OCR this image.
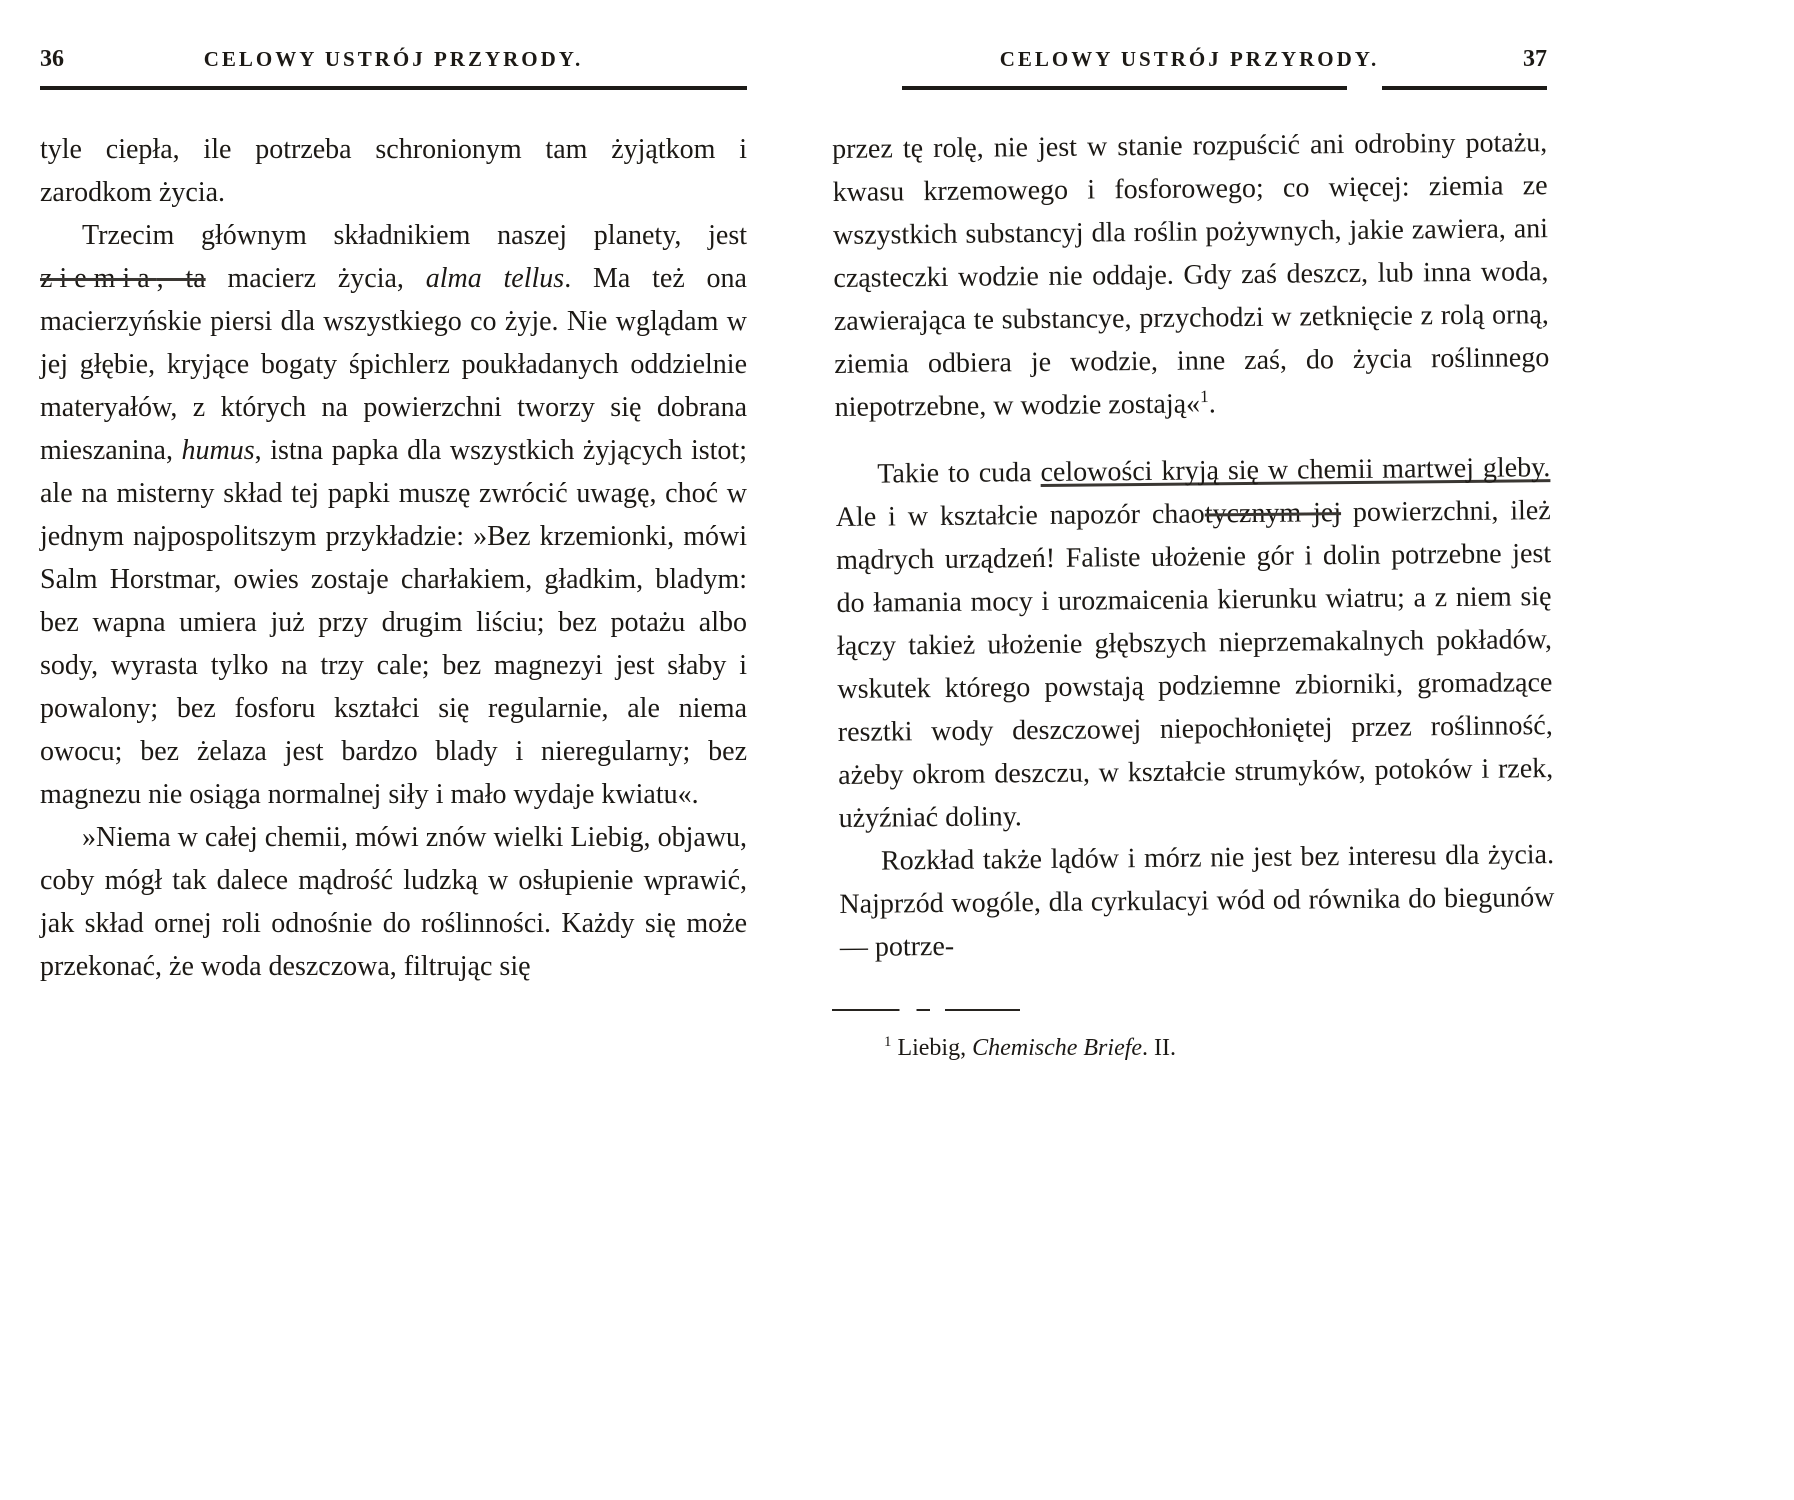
36	CELOWY USTRÓJ PRZYRODY.

tyle ciepła, ile potrzeba schronionym tam żyjątkom i zarodkom życia.

Trzecim głównym składnikiem naszej planety, jest ziemia, ta macierz życia, alma tellus. Ma też ona macierzyńskie piersi dla wszystkiego co żyje. Nie wglądam w jej głębie, kryjące bogaty śpichlerz poukładanych oddzielnie materyałów, z których na powierzchni tworzy się dobrana mieszanina, humus, istna papka dla wszystkich żyjących istot; ale na misterny skład tej papki muszę zwrócić uwagę, choć w jednym najpospolitszym przykładzie: »Bez krzemionki, mówi Salm Horstmar, owies zostaje charłakiem, gładkim, bladym: bez wapna umiera już przy drugim liściu; bez potażu albo sody, wyrasta tylko na trzy cale; bez magnezyi jest słaby i powalony; bez fosforu kształci się regularnie, ale niema owocu; bez żelaza jest bardzo blady i nieregularny; bez magnezu nie osiąga normalnej siły i mało wydaje kwiatu«.

»Niema w całej chemii, mówi znów wielki Liebig, objawu, coby mógł tak dalece mądrość ludzką w osłupienie wprawić, jak skład ornej roli odnośnie do roślinności. Każdy się może przekonać, że woda deszczowa, filtrując się

CELOWY USTRÓJ PRZYRODY.	37

przez tę rolę, nie jest w stanie rozpuścić ani odrobiny potażu, kwasu krzemowego i fosforowego; co więcej: ziemia ze wszystkich substancyj dla roślin pożywnych, jakie zawiera, ani cząsteczki wodzie nie oddaje. Gdy zaś deszcz, lub inna woda, zawierająca te substancye, przychodzi w zetknięcie z rolą orną, ziemia odbiera je wodzie, inne zaś, do życia roślinnego niepotrzebne, w wodzie zostają«$^1$.

Takie to cuda celowości kryją się w chemii martwej gleby. Ale i w kształcie napozór chaotycznym jej powierzchni, ileż mądrych urządzeń! Faliste ułożenie gór i dolin potrzebne jest do łamania mocy i urozmaicenia kierunku wiatru; a z niem się łączy takież ułożenie głębszych nieprzemakalnych pokładów, wskutek którego powstają podziemne zbiorniki, gromadzące resztki wody deszczowej niepochłoniętej przez roślinność, ażeby okrom deszczu, w kształcie strumyków, potoków i rzek, użyźniać doliny.

Rozkład także lądów i mórz nie jest bez interesu dla życia. Najprzód wogóle, dla cyrkulacyi wód od równika do biegunów — potrze-

$^1$ Liebig, Chemische Briefe. II.
